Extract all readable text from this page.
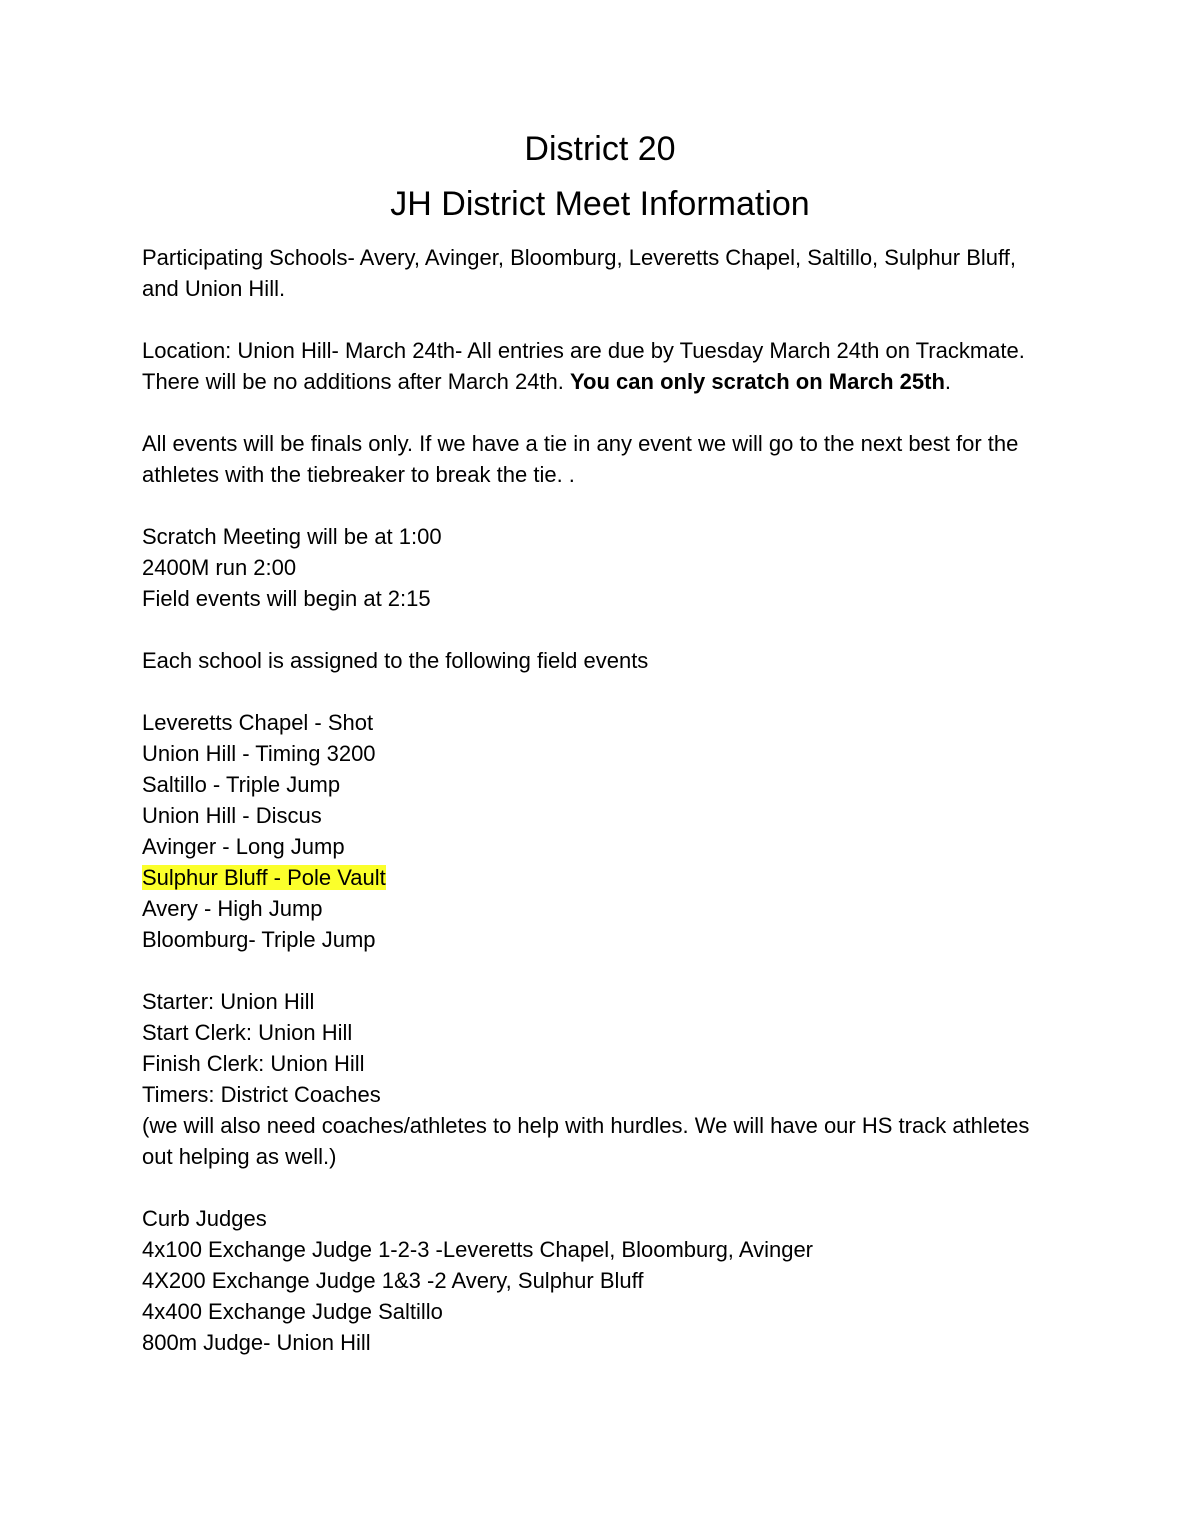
District 20
JH District Meet Information

Participating Schools- Avery, Avinger, Bloomburg, Leveretts Chapel, Saltillo, Sulphur Bluff, and Union Hill.

Location: Union Hill- March 24th- All entries are due by Tuesday March 24th on Trackmate. There will be no additions after March 24th. You can only scratch on March 25th.

All events will be finals only. If we have a tie in any event we will go to the next best for the athletes with the tiebreaker to break the tie. .

Scratch Meeting will be at 1:00
2400M run 2:00
Field events will begin at 2:15
Each school is assigned to the following field events
Leveretts Chapel - Shot
Union Hill - Timing 3200
Saltillo - Triple Jump
Union Hill - Discus
Avinger - Long Jump
Sulphur Bluff - Pole Vault
Avery - High Jump
Bloomburg- Triple Jump
Starter: Union Hill
Start Clerk: Union Hill
Finish Clerk: Union Hill
Timers: District Coaches
(we will also need coaches/athletes to help with hurdles. We will have our HS track athletes out helping as well.)
Curb Judges
4x100 Exchange Judge 1-2-3 -Leveretts Chapel, Bloomburg, Avinger
4X200 Exchange Judge 1&3 -2 Avery, Sulphur Bluff
4x400 Exchange Judge Saltillo
800m Judge- Union Hill
